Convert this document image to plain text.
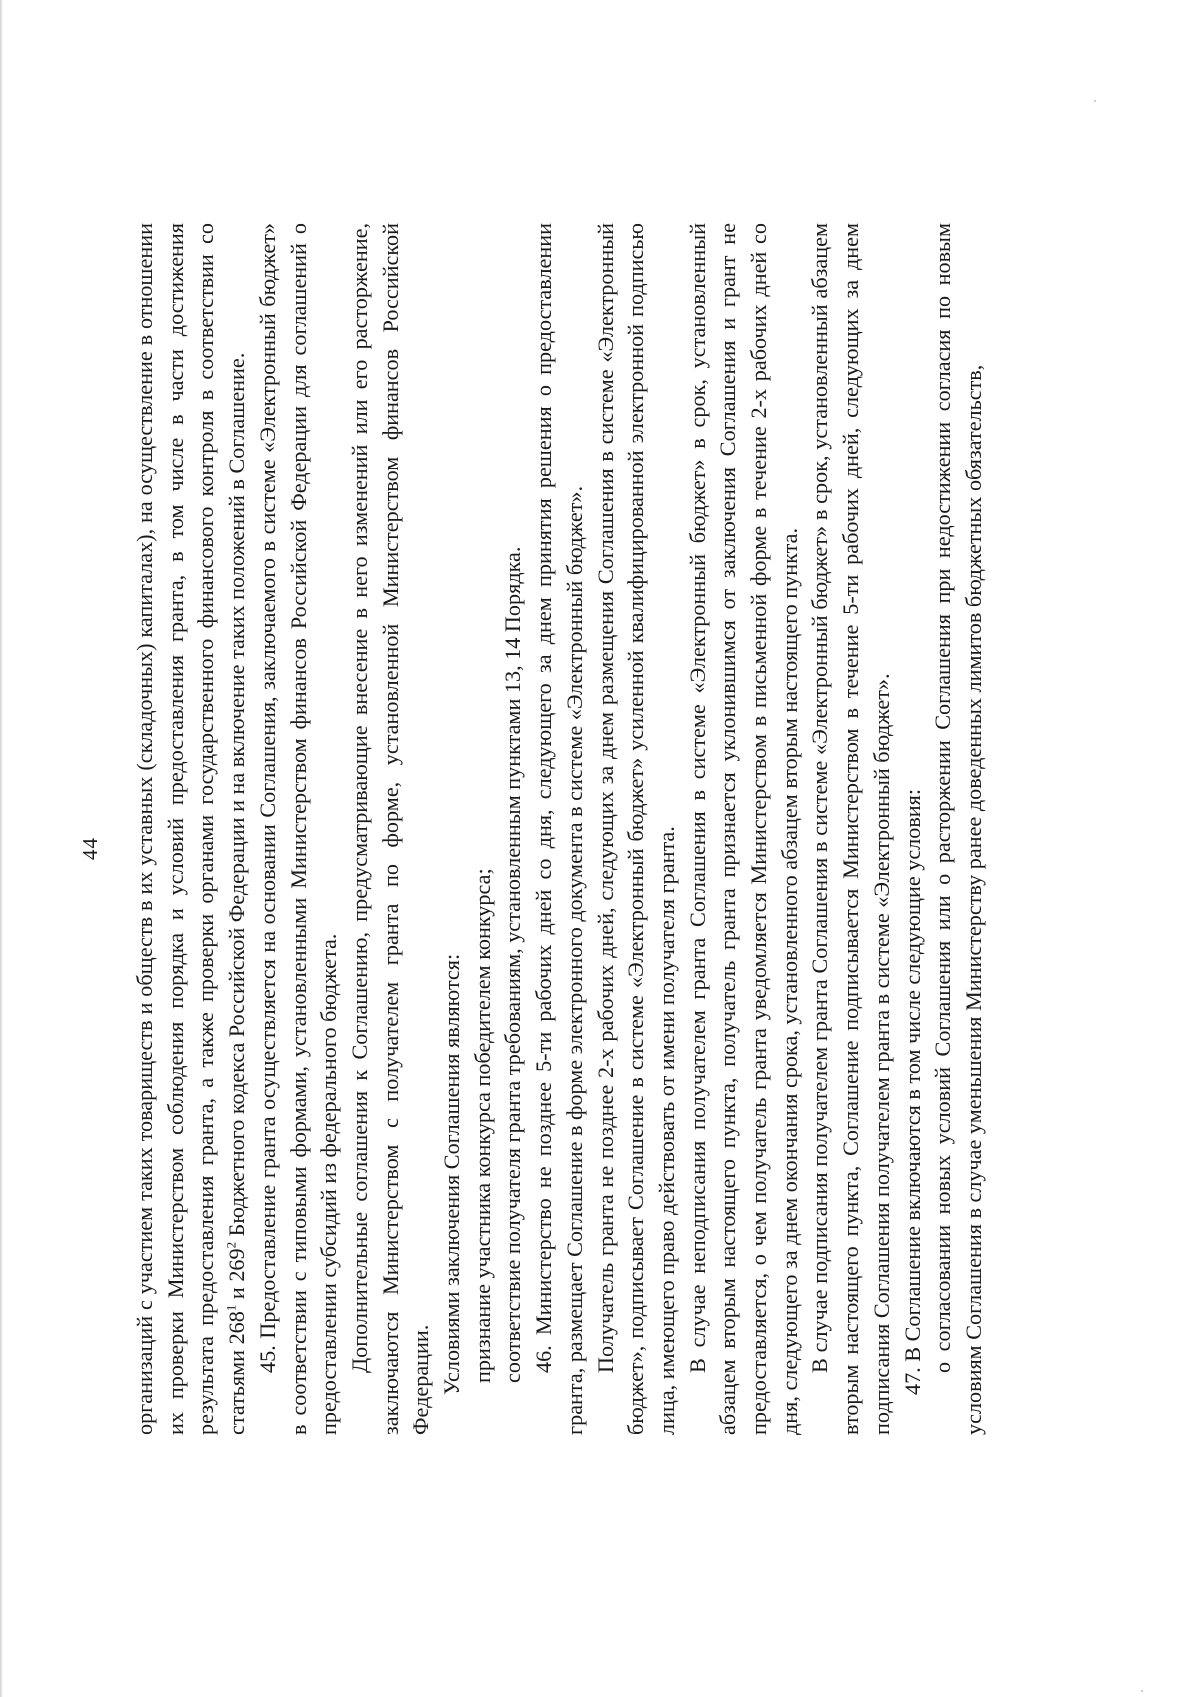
44 организаций с участием таких товариществ и обществ в их уставных (складочных) капиталах), на осуществление в отношении их проверки Министерством соблюдения порядка и условий предоставления гранта, в том числе в части достижения результата предоставления гранта, а также проверки органами государственного финансового контроля в соответствии со статьями $268^1$ и $269^2$ Бюджетного кодекса Российской Федерации и на включение таких положений в Соглашение. 45. Предоставление гранта осуществляется на основании Соглашения, заключаемого в системе «Электронный бюджет» в соответствии с типовыми формами, установленными Министерством финансов Российской Федерации для соглашений о предоставлении субсидий из федерального бюджета. Дополнительные соглашения к Соглашению, предусматривающие внесение в него изменений или его расторжение, заключаются Министерством с получателем гранта по форме, установленной Министерством финансов Российской Федерации. Условиями заключения Соглашения являются: признание участника конкурса победителем конкурса; соответствие получателя гранта требованиям, установленным пунктами 13, 14 Порядка. 46. Министерство не позднее 5-ти рабочих дней со дня, следующего за днем принятия решения о предоставлении гранта, размещает Соглашение в форме электронного документа в системе «Электронный бюджет». Получатель гранта не позднее 2-х рабочих дней, следующих за днем размещения Соглашения в системе «Электронный бюджет», подписывает Соглашение в системе «Электронный бюджет» усиленной квалифицированной электронной подписью лица, имеющего право действовать от имени получателя гранта. В случае неподписания получателем гранта Соглашения в системе «Электронный бюджет» в срок, установленный абзацем вторым настоящего пункта, получатель гранта признается уклонившимся от заключения Соглашения и грант не предоставляется, о чем получатель гранта уведомляется Министерством в письменной форме в течение 2-х рабочих дней со дня, следующего за днем окончания срока, установленного абзацем вторым настоящего пункта. В случае подписания получателем гранта Соглашения в системе «Электронный бюджет» в срок, установленный абзацем вторым настоящего пункта, Соглашение подписывается Министерством в течение 5-ти рабочих дней, следующих за днем подписания Соглашения получателем гранта в системе «Электронный бюджет». 47. В Соглашение включаются в том числе следующие условия: о согласовании новых условий Соглашения или о расторжении Соглашения при недостижении согласия по новым условиям Соглашения в случае уменьшения Министерству ранее доведенных лимитов бюджетных обязательств,
